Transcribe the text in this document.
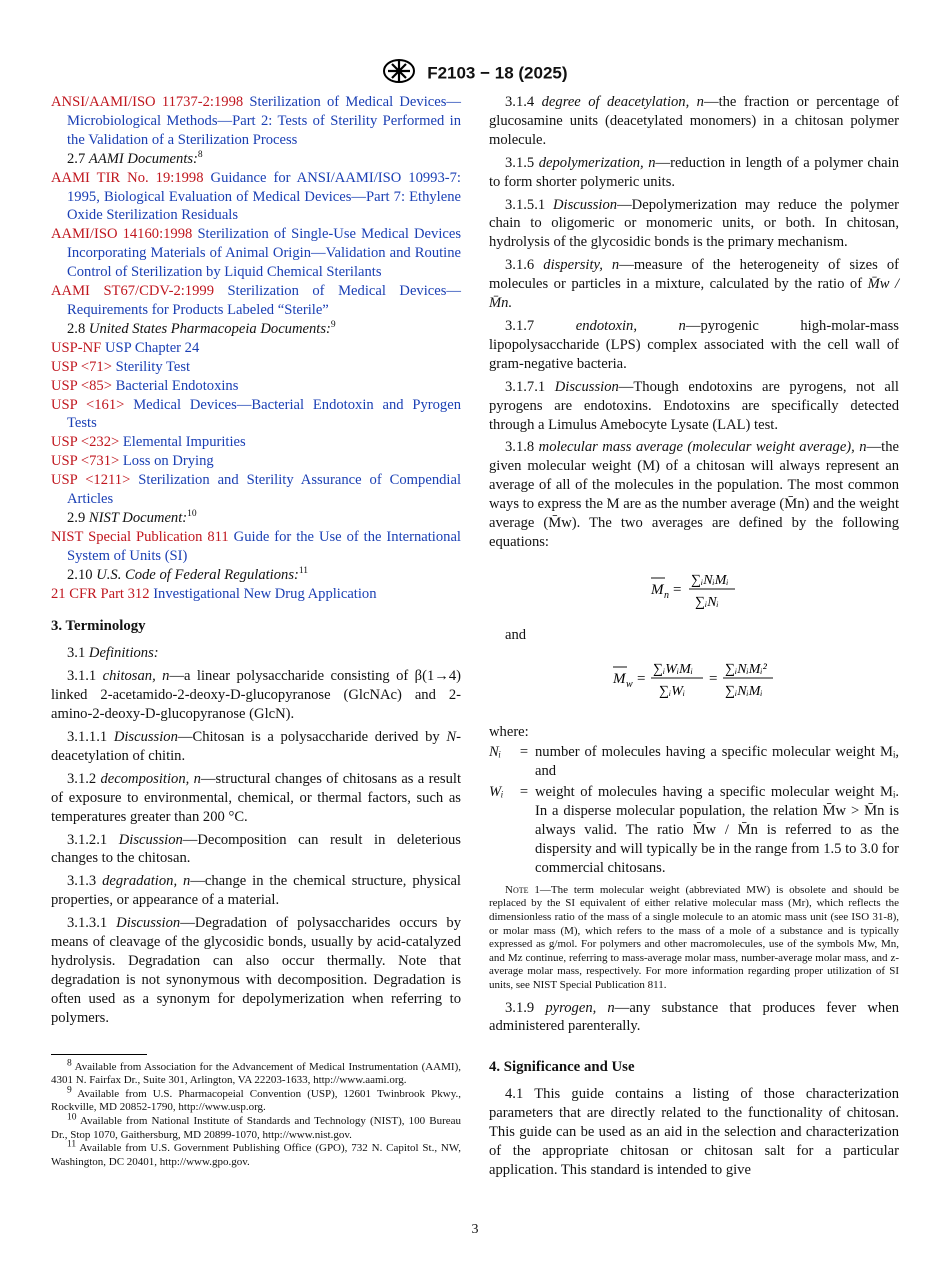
F2103 − 18 (2025)

ANSI/AAMI/ISO 11737-2:1998 Sterilization of Medical Devices—Microbiological Methods—Part 2: Tests of Sterility Performed in the Validation of a Sterilization Process

2.7 AAMI Documents:$^8$

AAMI TIR No. 19:1998 Guidance for ANSI/AAMI/ISO 10993-7: 1995, Biological Evaluation of Medical Devices—Part 7: Ethylene Oxide Sterilization Residuals

AAMI/ISO 14160:1998 Sterilization of Single-Use Medical Devices Incorporating Materials of Animal Origin—Validation and Routine Control of Sterilization by Liquid Chemical Sterilants

AAMI ST67/CDV-2:1999 Sterilization of Medical Devices—Requirements for Products Labeled “Sterile”

2.8 United States Pharmacopeia Documents:$^9$

USP-NF USP Chapter 24

USP <71> Sterility Test

USP <85> Bacterial Endotoxins

USP <161> Medical Devices—Bacterial Endotoxin and Pyrogen Tests

USP <232> Elemental Impurities

USP <731> Loss on Drying

USP <1211> Sterilization and Sterility Assurance of Compendial Articles

2.9 NIST Document:$^{10}$

NIST Special Publication 811 Guide for the Use of the International System of Units (SI)

2.10 U.S. Code of Federal Regulations:$^{11}$

21 CFR Part 312 Investigational New Drug Application

3. Terminology

3.1 Definitions:

3.1.1 chitosan, n—a linear polysaccharide consisting of β(1→4) linked 2-acetamido-2-deoxy-D-glucopyranose (GlcNAc) and 2-amino-2-deoxy-D-glucopyranose (GlcN).

3.1.1.1 Discussion—Chitosan is a polysaccharide derived by N-deacetylation of chitin.

3.1.2 decomposition, n—structural changes of chitosans as a result of exposure to environmental, chemical, or thermal factors, such as temperatures greater than 200 °C.

3.1.2.1 Discussion—Decomposition can result in deleterious changes to the chitosan.

3.1.3 degradation, n—change in the chemical structure, physical properties, or appearance of a material.

3.1.3.1 Discussion—Degradation of polysaccharides occurs by means of cleavage of the glycosidic bonds, usually by acid-catalyzed hydrolysis. Degradation can also occur thermally. Note that degradation is not synonymous with decomposition. Degradation is often used as a synonym for depolymerization when referring to polymers.

$^8$ Available from Association for the Advancement of Medical Instrumentation (AAMI), 4301 N. Fairfax Dr., Suite 301, Arlington, VA 22203-1633, http://www.aami.org.

$^9$ Available from U.S. Pharmacopeial Convention (USP), 12601 Twinbrook Pkwy., Rockville, MD 20852-1790, http://www.usp.org.

$^{10}$ Available from National Institute of Standards and Technology (NIST), 100 Bureau Dr., Stop 1070, Gaithersburg, MD 20899-1070, http://www.nist.gov.

$^{11}$ Available from U.S. Government Publishing Office (GPO), 732 N. Capitol St., NW, Washington, DC 20401, http://www.gpo.gov.

3.1.4 degree of deacetylation, n—the fraction or percentage of glucosamine units (deacetylated monomers) in a chitosan polymer molecule.

3.1.5 depolymerization, n—reduction in length of a polymer chain to form shorter polymeric units.

3.1.5.1 Discussion—Depolymerization may reduce the polymer chain to oligomeric or monomeric units, or both. In chitosan, hydrolysis of the glycosidic bonds is the primary mechanism.

3.1.6 dispersity, n—measure of the heterogeneity of sizes of molecules or particles in a mixture, calculated by the ratio of M̄w / M̄n.

3.1.7	endotoxin, n—pyrogenic high-molar-mass lipopolysaccharide (LPS) complex associated with the cell wall of gram-negative bacteria.

3.1.7.1 Discussion—Though endotoxins are pyrogens, not all pyrogens are endotoxins. Endotoxins are specifically detected through a Limulus Amebocyte Lysate (LAL) test.

3.1.8 molecular mass average (molecular weight average), n—the given molecular weight (M) of a chitosan will always represent an average of all of the molecules in the population. The most common ways to express the M are as the number average (M̄n) and the weight average (M̄w). The two averages are defined by the following equations:

M n =
∑ᵢNᵢMᵢ
∑ᵢNᵢ

and

M w =
∑ᵢWᵢMᵢ
∑ᵢWᵢ
=
∑ᵢNᵢMᵢ²
∑ᵢNᵢMᵢ

where:

Nᵢ	= number of molecules having a specific molecular weight Mᵢ, and
Wᵢ	= weight of molecules having a specific molecular weight Mᵢ. In a disperse molecular population, the relation M̄w > M̄n is always valid. The ratio M̄w / M̄n is referred to as the dispersity and will typically be in the range from 1.5 to 3.0 for commercial chitosans.

Note 1—The term molecular weight (abbreviated MW) is obsolete and should be replaced by the SI equivalent of either relative molecular mass (Mr), which reflects the dimensionless ratio of the mass of a single molecule to an atomic mass unit (see ISO 31-8), or molar mass (M), which refers to the mass of a mole of a substance and is typically expressed as g/mol. For polymers and other macromolecules, use of the symbols Mw, Mn, and Mz continue, referring to mass-average molar mass, number-average molar mass, and z-average molar mass, respectively. For more information regarding proper utilization of SI units, see NIST Special Publication 811.

3.1.9 pyrogen, n—any substance that produces fever when administered parenterally.

4. Significance and Use

4.1 This guide contains a listing of those characterization parameters that are directly related to the functionality of chitosan. This guide can be used as an aid in the selection and characterization of the appropriate chitosan or chitosan salt for a particular application. This standard is intended to give

3
